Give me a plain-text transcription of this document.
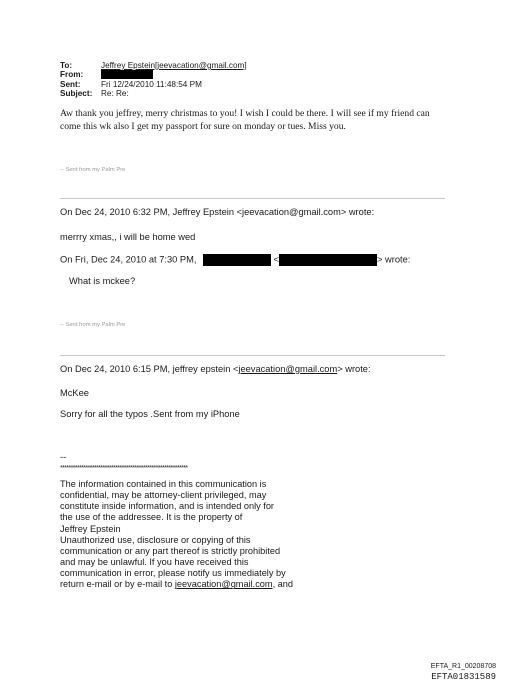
To:	Jeffrey Epstein[jeevacation@gmail.com]
From:
Sent:	Fri 12/24/2010 11:48:54 PM
Subject:	Re: Re:
Aw thank you jeffrey, merry christmas to you! I wish I could be there. I will see if my friend can come this wk also I get my passport for sure on monday or tues. Miss you.
-- Sent from my Palm Pre
On Dec 24, 2010 6:32 PM, Jeffrey Epstein <jeevacation@gmail.com> wrote:
merrry xmas,, i will be home wed
On Fri, Dec 24, 2010 at 7:30 PM,	<	> wrote:
What is mckee?
-- Sent from my Palm Pre
On Dec 24, 2010 6:15 PM, jeffrey epstein <jeevacation@gmail.com> wrote:
McKee
Sorry for all the typos .Sent from my iPhone
--
************************************************************
The information contained in this communication is
confidential, may be attorney-client privileged, may
constitute inside information, and is intended only for
the use of the addressee. It is the property of
Jeffrey Epstein
Unauthorized use, disclosure or copying of this
communication or any part thereof is strictly prohibited
and may be unlawful. If you have received this
communication in error, please notify us immediately by
return e-mail or by e-mail to jeevacation@gmail.com, and
EFTA_R1_00208708
EFTA01831589
